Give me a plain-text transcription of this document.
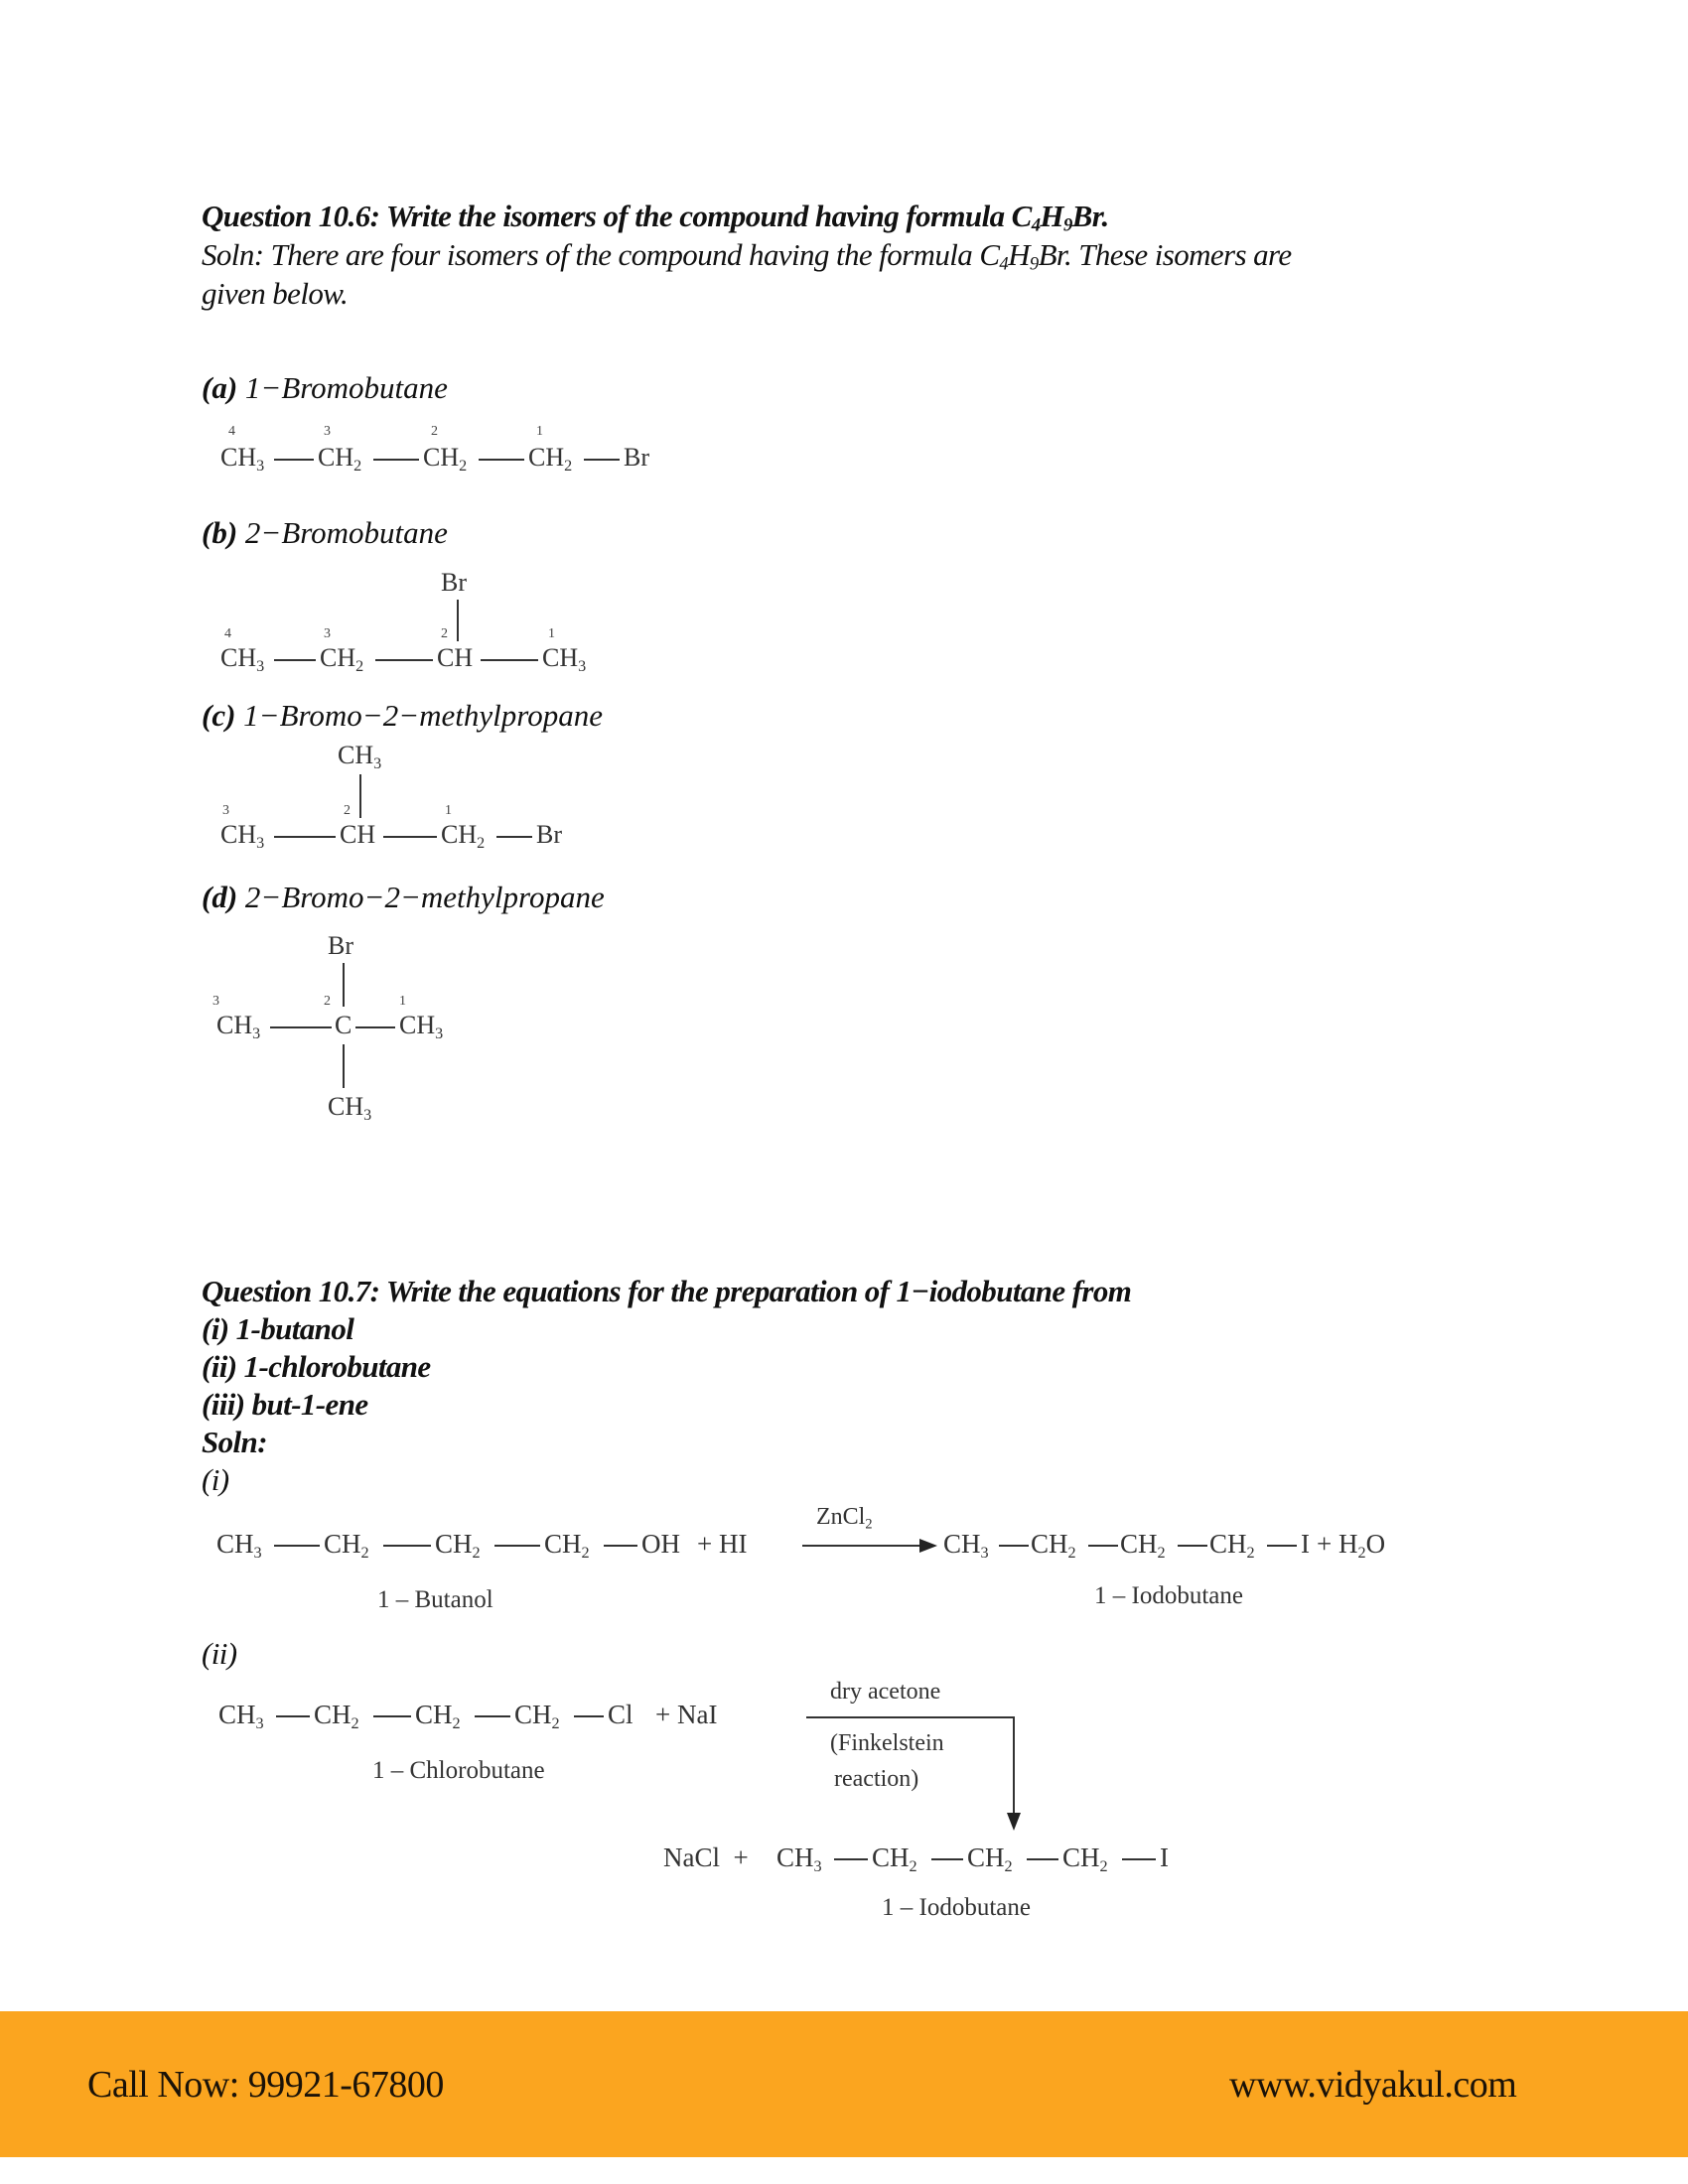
Question 10.6: Write the isomers of the compound having formula $C_4H_9Br$.
Soln: There are four isomers of the compound having the formula $C_4H_9Br$. These isomers are
given below.
(a) 1−Bromobutane
4	3	2	1
$CH_3$ $CH_2$ $CH_2$ $CH_2$ Br
(b) 2−Bromobutane
Br
4	3	2	1
$CH_3$ $CH_2$	CH	$CH_3$
(c) 1−Bromo−2−methylpropane
$CH_3$
3	2	1
$CH_3$	CH	$CH_2$ Br
(d) 2−Bromo−2−methylpropane
Br
3	2	1
$CH_3$	C $CH_3$
$CH_3$
Question 10.7: Write the equations for the preparation of 1−iodobutane from
(i) 1-butanol
(ii) 1-chlorobutane
(iii) but-1-ene
Soln:
(i)
$CH_3$ $CH_2$ $CH_2$ $CH_2$ OH + HI
ZnCl$_2$
$CH_3$ $CH_2$ $CH_2$ $CH_2$ $I + H_2O$
1 – Butanol	1 – Iodobutane
(ii)
$CH_3$ $CH_2$ $CH_2$ $CH_2$ Cl + NaI
dry acetone
(Finkelstein
reaction)
1 – Chlorobutane
NaCl  + $CH_3$ $CH_2$ $CH_2$ $CH_2$ I
1 – Iodobutane
Call Now: 99921-67800	www.vidyakul.com
